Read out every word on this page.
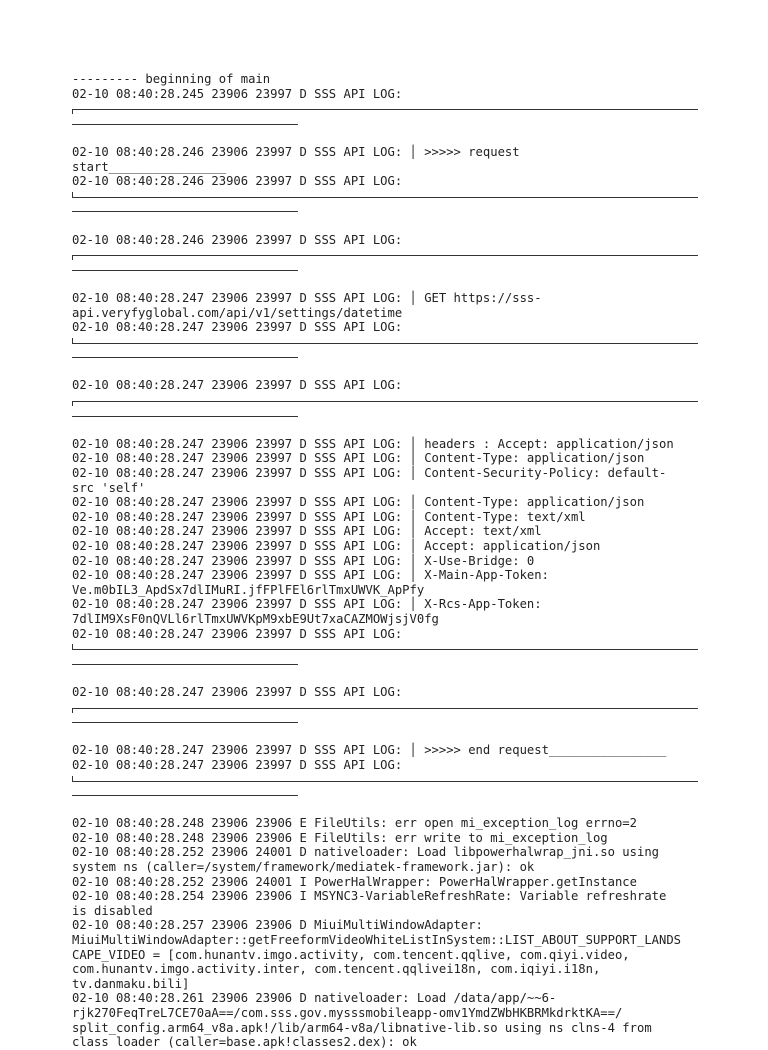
--------- beginning of main
02-10 08:40:28.245 23906 23997 D SSS API LOG:
02-10 08:40:28.246 23906 23997 D SSS API LOG: │ >>>>> request
start________________
02-10 08:40:28.246 23906 23997 D SSS API LOG:
02-10 08:40:28.246 23906 23997 D SSS API LOG:
02-10 08:40:28.247 23906 23997 D SSS API LOG: │ GET https://sss-
api.veryfyglobal.com/api/v1/settings/datetime
02-10 08:40:28.247 23906 23997 D SSS API LOG:
02-10 08:40:28.247 23906 23997 D SSS API LOG:
02-10 08:40:28.247 23906 23997 D SSS API LOG: │ headers : Accept: application/json
02-10 08:40:28.247 23906 23997 D SSS API LOG: │ Content-Type: application/json
02-10 08:40:28.247 23906 23997 D SSS API LOG: │ Content-Security-Policy: default-
src 'self'
02-10 08:40:28.247 23906 23997 D SSS API LOG: │ Content-Type: application/json
02-10 08:40:28.247 23906 23997 D SSS API LOG: │ Content-Type: text/xml
02-10 08:40:28.247 23906 23997 D SSS API LOG: │ Accept: text/xml
02-10 08:40:28.247 23906 23997 D SSS API LOG: │ Accept: application/json
02-10 08:40:28.247 23906 23997 D SSS API LOG: │ X-Use-Bridge: 0
02-10 08:40:28.247 23906 23997 D SSS API LOG: │ X-Main-App-Token:
Ve.m0bIL3_ApdSx7dlIMuRI.jfFPlFEl6rlTmxUWVK_ApPfy
02-10 08:40:28.247 23906 23997 D SSS API LOG: │ X-Rcs-App-Token:
7dlIM9XsF0nQVLl6rlTmxUWVKpM9xbE9Ut7xaCAZMOWjsjV0fg
02-10 08:40:28.247 23906 23997 D SSS API LOG:
02-10 08:40:28.247 23906 23997 D SSS API LOG:
02-10 08:40:28.247 23906 23997 D SSS API LOG: │ >>>>> end request________________
02-10 08:40:28.247 23906 23997 D SSS API LOG:
02-10 08:40:28.248 23906 23906 E FileUtils: err open mi_exception_log errno=2
02-10 08:40:28.248 23906 23906 E FileUtils: err write to mi_exception_log
02-10 08:40:28.252 23906 24001 D nativeloader: Load libpowerhalwrap_jni.so using
system ns (caller=/system/framework/mediatek-framework.jar): ok
02-10 08:40:28.252 23906 24001 I PowerHalWrapper: PowerHalWrapper.getInstance
02-10 08:40:28.254 23906 23906 I MSYNC3-VariableRefreshRate: Variable refreshrate
is disabled
02-10 08:40:28.257 23906 23906 D MiuiMultiWindowAdapter:
MiuiMultiWindowAdapter::getFreeformVideoWhiteListInSystem::LIST_ABOUT_SUPPORT_LANDS
CAPE_VIDEO = [com.hunantv.imgo.activity, com.tencent.qqlive, com.qiyi.video,
com.hunantv.imgo.activity.inter, com.tencent.qqlivei18n, com.iqiyi.i18n,
tv.danmaku.bili]
02-10 08:40:28.261 23906 23906 D nativeloader: Load /data/app/~~6-
rjk270FeqTreL7CE70aA==/com.sss.gov.mysssmobileapp-omv1YmdZWbHKBRMkdrktKA==/
split_config.arm64_v8a.apk!/lib/arm64-v8a/libnative-lib.so using ns clns-4 from
class loader (caller=base.apk!classes2.dex): ok
